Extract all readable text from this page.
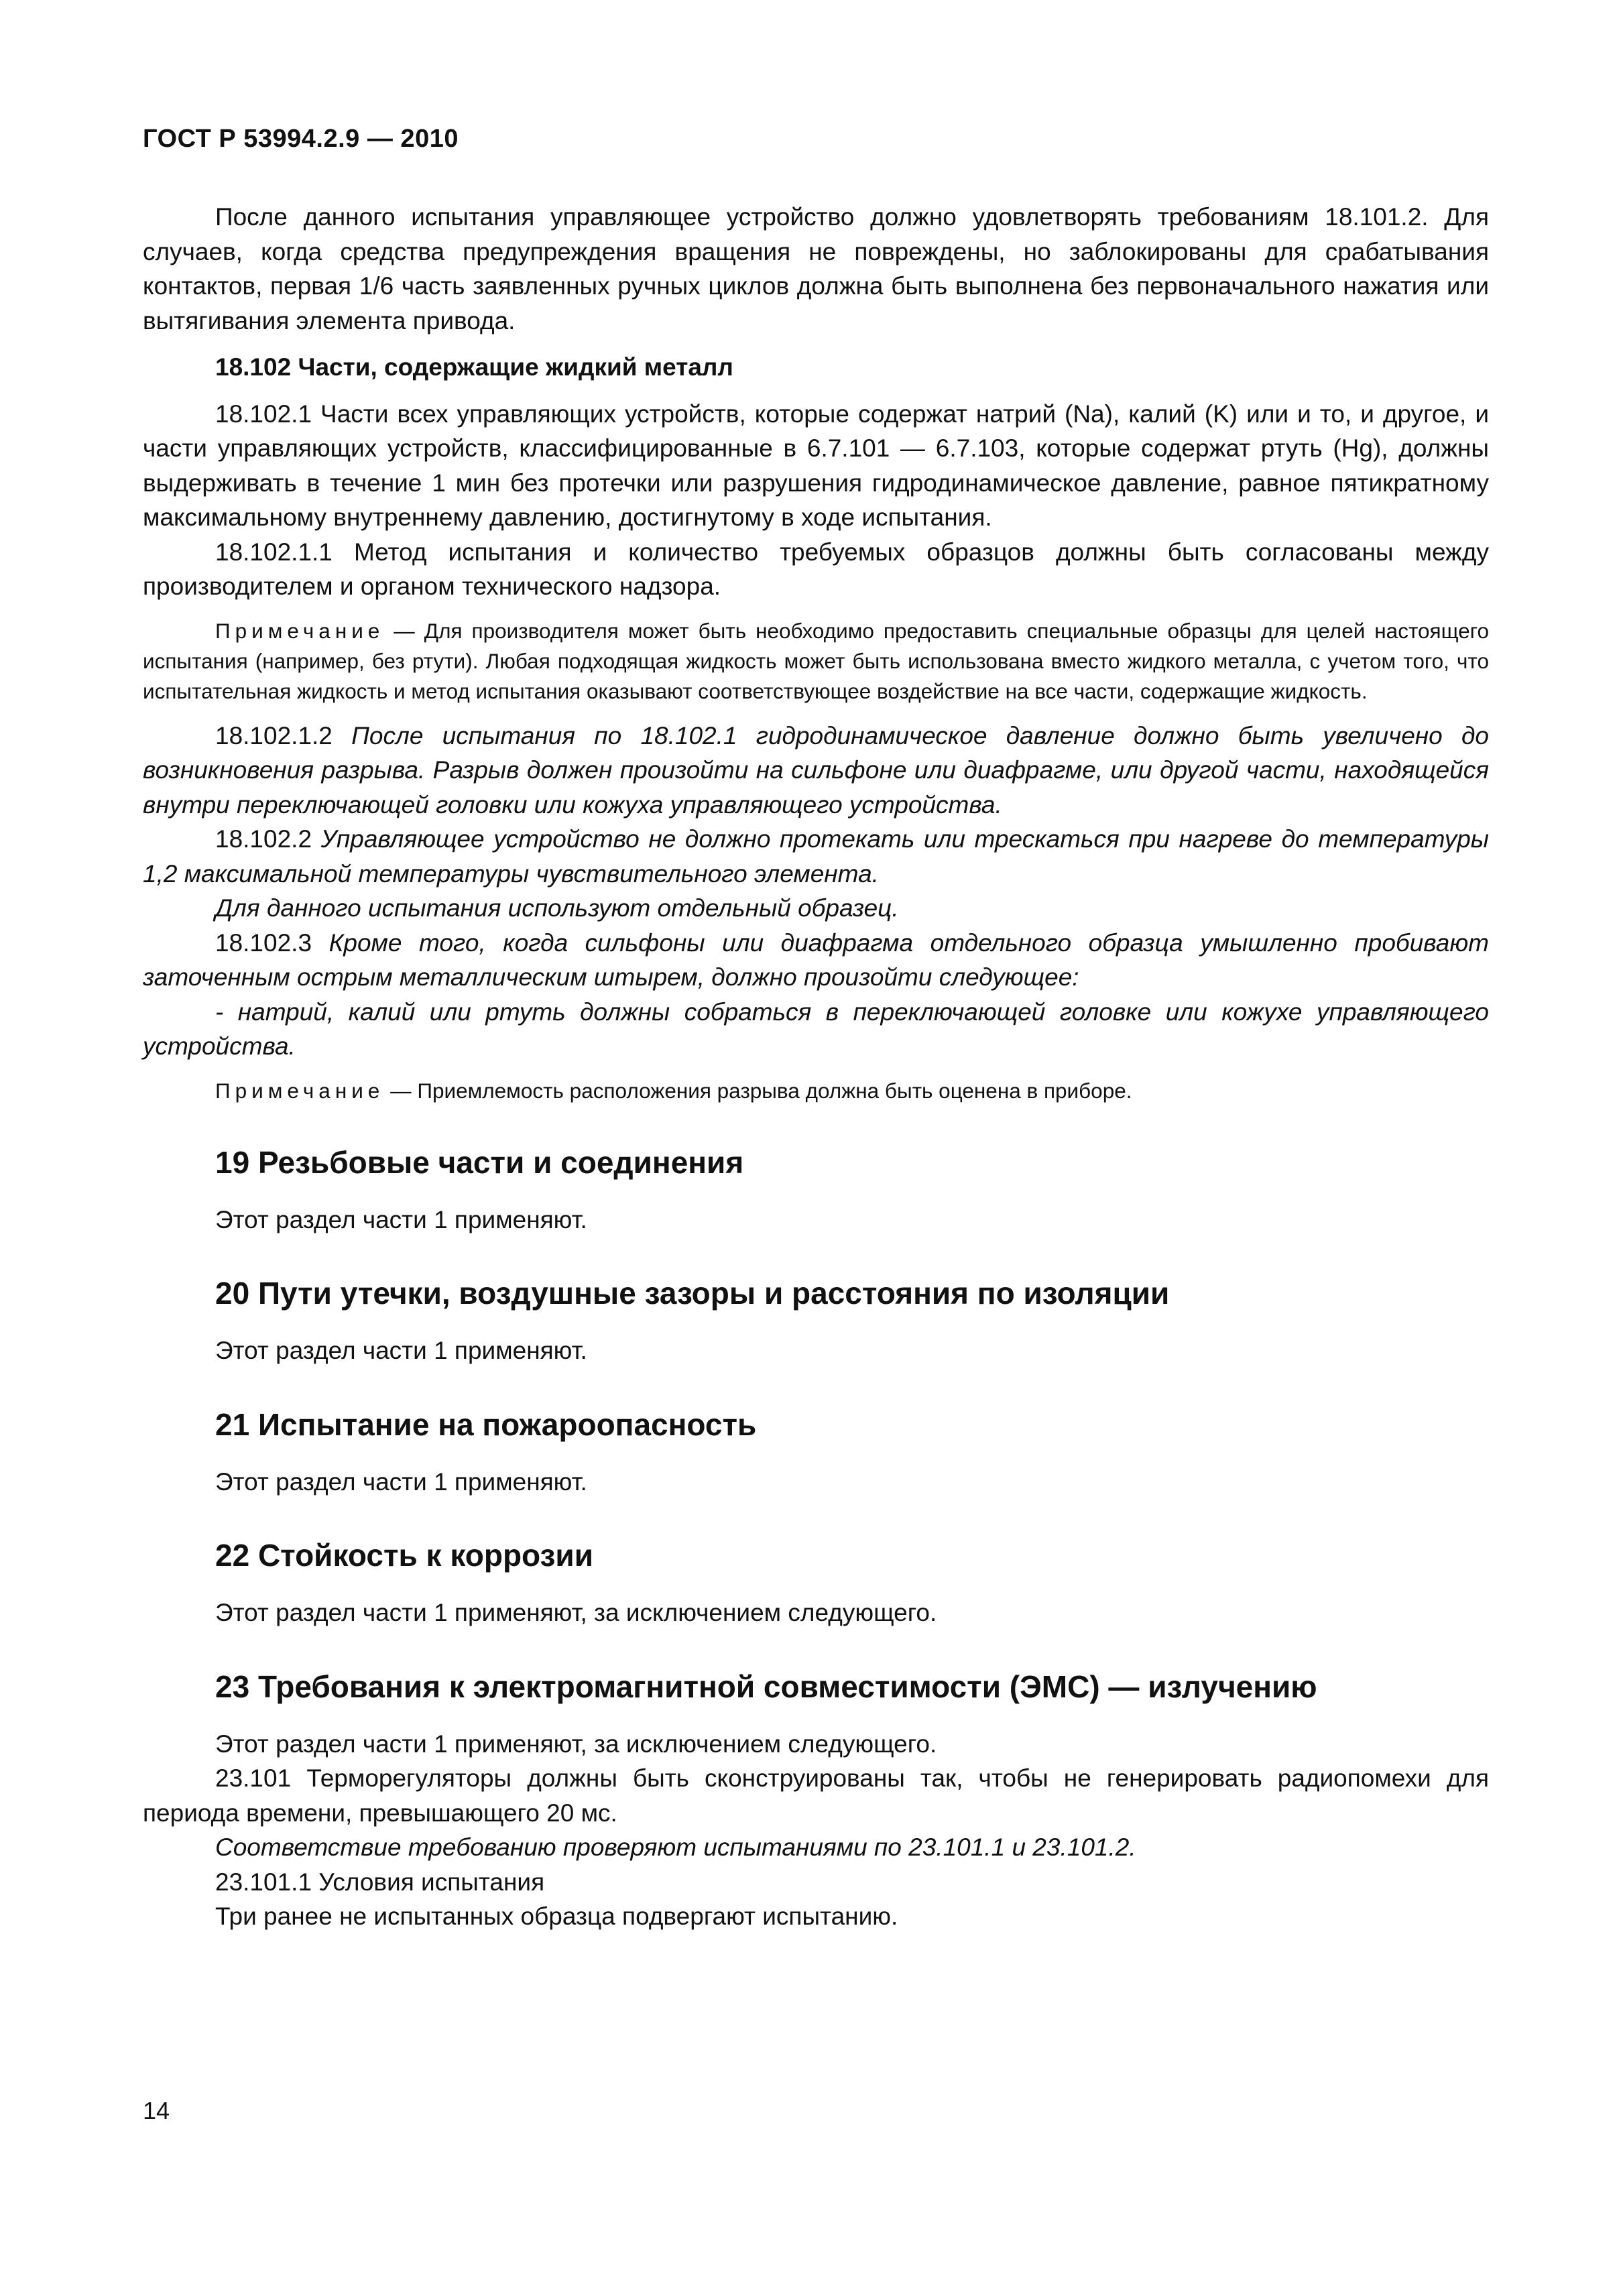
ГОСТ Р 53994.2.9 — 2010

После данного испытания управляющее устройство должно удовлетворять требованиям 18.101.2. Для случаев, когда средства предупреждения вращения не повреждены, но заблокированы для срабатывания контактов, первая 1/6 часть заявленных ручных циклов должна быть выполнена без первоначального нажатия или вытягивания элемента привода.

18.102 Части, содержащие жидкий металл

18.102.1 Части всех управляющих устройств, которые содержат натрий (Na), калий (K) или и то, и другое, и части управляющих устройств, классифицированные в 6.7.101 — 6.7.103, которые содержат ртуть (Hg), должны выдерживать в течение 1 мин без протечки или разрушения гидродинамическое давление, равное пятикратному максимальному внутреннему давлению, достигнутому в ходе испытания.

18.102.1.1 Метод испытания и количество требуемых образцов должны быть согласованы между производителем и органом технического надзора.

Примечание — Для производителя может быть необходимо предоставить специальные образцы для целей настоящего испытания (например, без ртути). Любая подходящая жидкость может быть использована вместо жидкого металла, с учетом того, что испытательная жидкость и метод испытания оказывают соответствующее воздействие на все части, содержащие жидкость.

18.102.1.2 После испытания по 18.102.1 гидродинамическое давление должно быть увеличено до возникновения разрыва. Разрыв должен произойти на сильфоне или диафрагме, или другой части, находящейся внутри переключающей головки или кожуха управляющего устройства.

18.102.2 Управляющее устройство не должно протекать или трескаться при нагреве до температуры 1,2 максимальной температуры чувствительного элемента.

Для данного испытания используют отдельный образец.

18.102.3 Кроме того, когда сильфоны или диафрагма отдельного образца умышленно пробивают заточенным острым металлическим штырем, должно произойти следующее:

- натрий, калий или ртуть должны собраться в переключающей головке или кожухе управляющего устройства.

Примечание — Приемлемость расположения разрыва должна быть оценена в приборе.
19 Резьбовые части и соединения

Этот раздел части 1 применяют.

20 Пути утечки, воздушные зазоры и расстояния по изоляции

Этот раздел части 1 применяют.

21 Испытание на пожароопасность

Этот раздел части 1 применяют.

22 Стойкость к коррозии

Этот раздел части 1 применяют, за исключением следующего.

23 Требования к электромагнитной совместимости (ЭМС) — излучению

Этот раздел части 1 применяют, за исключением следующего.

23.101 Терморегуляторы должны быть сконструированы так, чтобы не генерировать радиопомехи для периода времени, превышающего 20 мс.

Соответствие требованию проверяют испытаниями по 23.101.1 и 23.101.2.

23.101.1 Условия испытания

Три ранее не испытанных образца подвергают испытанию.

14
